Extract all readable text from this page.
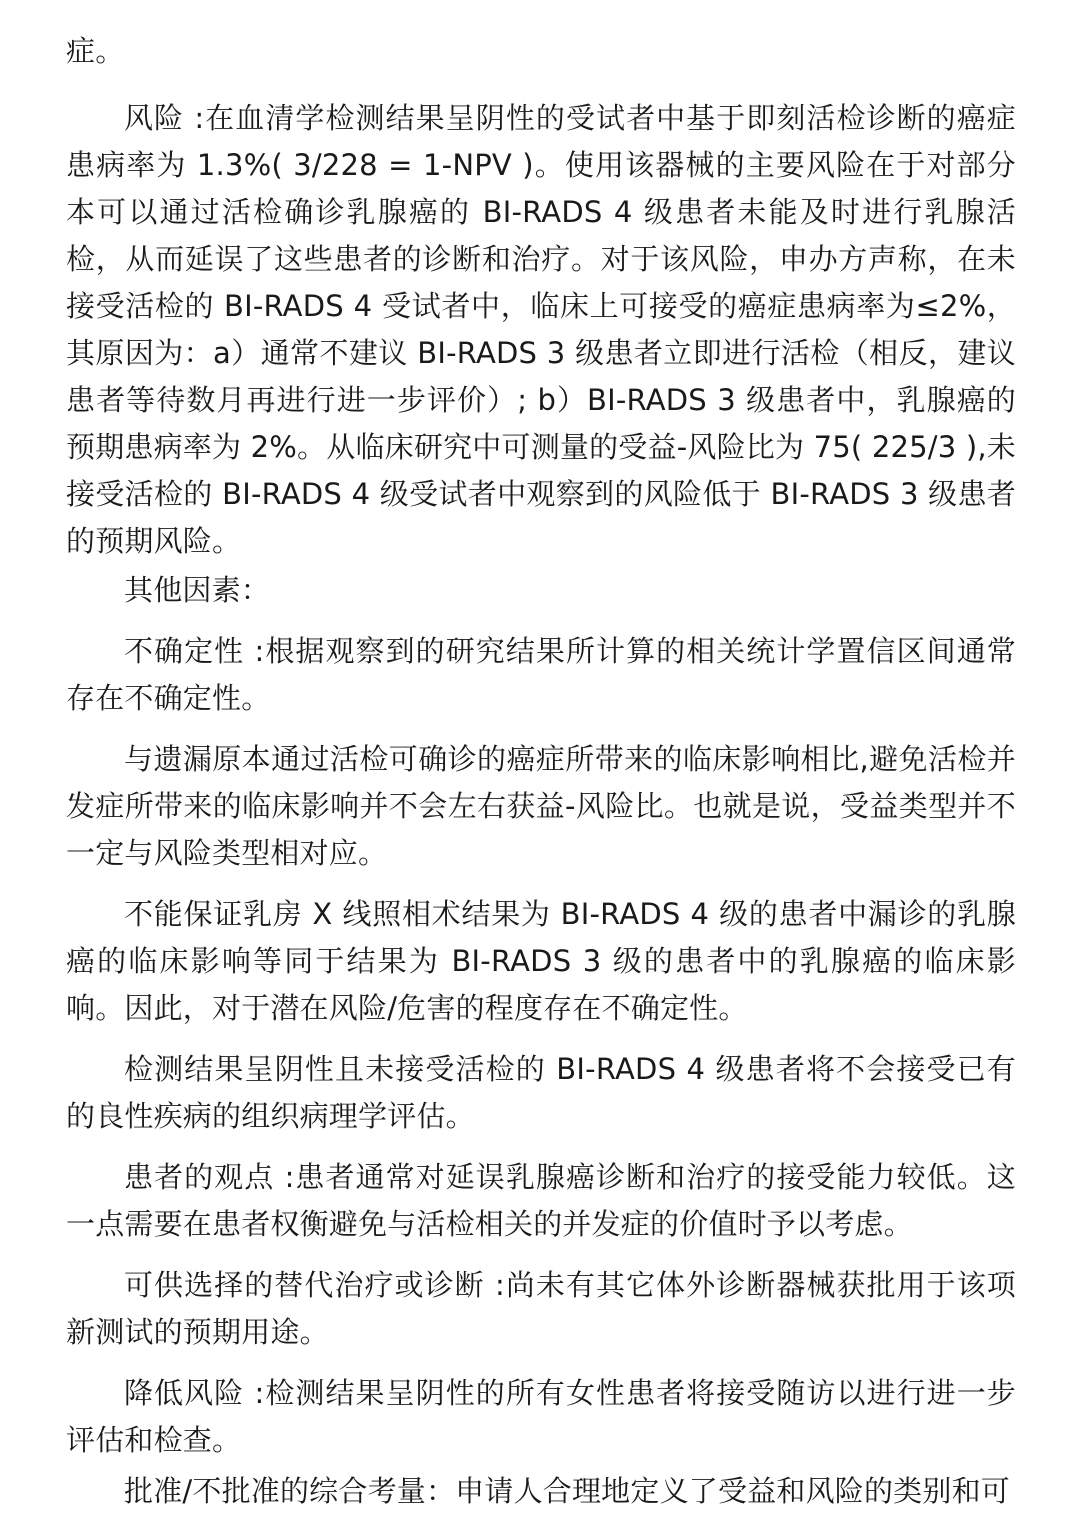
症。

风险 :在血清学检测结果呈阴性的受试者中基于即刻活检诊断的癌症患病率为 1.3%( 3/228 = 1-NPV )。使用该器械的主要风险在于对部分本可以通过活检确诊乳腺癌的 BI-RADS 4 级患者未能及时进行乳腺活检，从而延误了这些患者的诊断和治疗。对于该风险，申办方声称，在未接受活检的 BI-RADS 4 受试者中，临床上可接受的癌症患病率为≤2%，其原因为：a）通常不建议 BI-RADS 3 级患者立即进行活检（相反，建议患者等待数月再进行进一步评价）; b）BI-RADS 3 级患者中，乳腺癌的预期患病率为 2%。从临床研究中可测量的受益-风险比为 75( 225/3 ),未接受活检的 BI-RADS 4 级受试者中观察到的风险低于 BI-RADS 3 级患者的预期风险。

其他因素：

不确定性 :根据观察到的研究结果所计算的相关统计学置信区间通常存在不确定性。

与遗漏原本通过活检可确诊的癌症所带来的临床影响相比,避免活检并发症所带来的临床影响并不会左右获益-风险比。也就是说，受益类型并不一定与风险类型相对应。

不能保证乳房 X 线照相术结果为 BI-RADS 4 级的患者中漏诊的乳腺癌的临床影响等同于结果为 BI-RADS 3 级的患者中的乳腺癌的临床影响。因此，对于潜在风险/危害的程度存在不确定性。

检测结果呈阴性且未接受活检的 BI-RADS 4 级患者将不会接受已有的良性疾病的组织病理学评估。

患者的观点 :患者通常对延误乳腺癌诊断和治疗的接受能力较低。这一点需要在患者权衡避免与活检相关的并发症的价值时予以考虑。

可供选择的替代治疗或诊断 :尚未有其它体外诊断器械获批用于该项新测试的预期用途。

降低风险 :检测结果呈阴性的所有女性患者将接受随访以进行进一步评估和检查。

批准/不批准的综合考量：申请人合理地定义了受益和风险的类别和可
